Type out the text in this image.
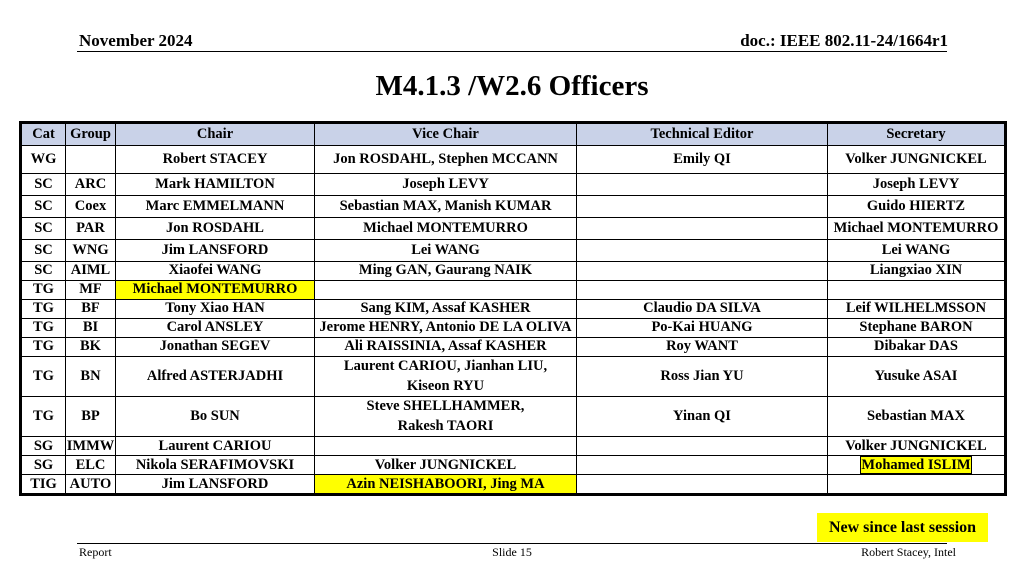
November 2024	doc.: IEEE 802.11-24/1664r1
M4.1.3 /W2.6 Officers
Cat	Group	Chair	Vice Chair	Technical Editor	Secretary
WG		Robert STACEY	Jon ROSDAHL, Stephen MCCANN	Emily QI	Volker JUNGNICKEL
SC	ARC	Mark HAMILTON	Joseph LEVY		Joseph LEVY
SC	Coex	Marc EMMELMANN	Sebastian MAX, Manish KUMAR		Guido HIERTZ
SC	PAR	Jon ROSDAHL	Michael MONTEMURRO		Michael MONTEMURRO
SC	WNG	Jim LANSFORD	Lei WANG		Lei WANG
SC	AIML	Xiaofei WANG	Ming GAN, Gaurang NAIK		Liangxiao XIN
TG	MF	Michael MONTEMURRO			
TG	BF	Tony Xiao HAN	Sang KIM, Assaf KASHER	Claudio DA SILVA	Leif WILHELMSSON
TG	BI	Carol ANSLEY	Jerome HENRY, Antonio DE LA OLIVA	Po-Kai HUANG	Stephane BARON
TG	BK	Jonathan SEGEV	Ali RAISSINIA, Assaf KASHER	Roy WANT	Dibakar DAS
TG	BN	Alfred ASTERJADHI	Laurent CARIOU, Jianhan LIU,
Kiseon RYU	Ross Jian YU	Yusuke ASAI
TG	BP	Bo SUN	Steve SHELLHAMMER,
Rakesh TAORI	Yinan QI	Sebastian MAX
SG	IMMW	Laurent CARIOU			Volker JUNGNICKEL
SG	ELC	Nikola SERAFIMOVSKI	Volker JUNGNICKEL		Mohamed ISLIM
TIG	AUTO	Jim LANSFORD	Azin NEISHABOORI, Jing MA		
New since last session
Report	Slide 15	Robert Stacey, Intel
